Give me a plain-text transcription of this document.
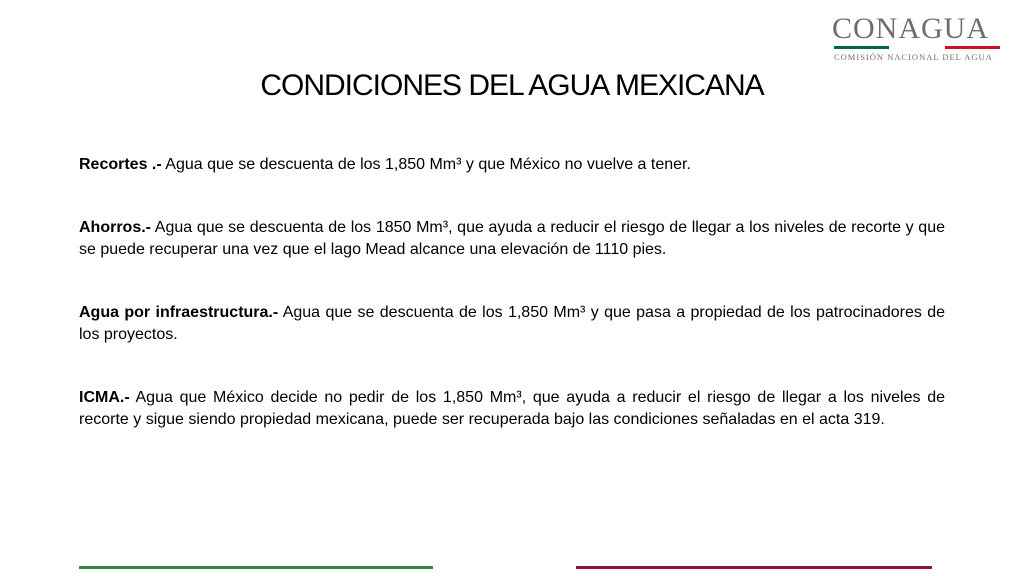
CONAGUA
COMISIÓN NACIONAL DEL AGUA
CONDICIONES DEL AGUA MEXICANA

Recortes .- Agua que se descuenta de los 1,850 Mm³ y que México no vuelve a tener.

Ahorros.- Agua que se descuenta de los 1850 Mm³, que ayuda a reducir el riesgo de llegar a los niveles de recorte y que se puede recuperar una vez que el lago Mead alcance una elevación de 1110 pies.

Agua por infraestructura.- Agua que se descuenta de los 1,850 Mm³ y que pasa a propiedad de los patrocinadores de los proyectos.

ICMA.- Agua que México decide no pedir de los 1,850 Mm³, que ayuda a reducir el riesgo de llegar a los niveles de recorte y sigue siendo propiedad mexicana, puede ser recuperada bajo las condiciones señaladas en el acta 319.
